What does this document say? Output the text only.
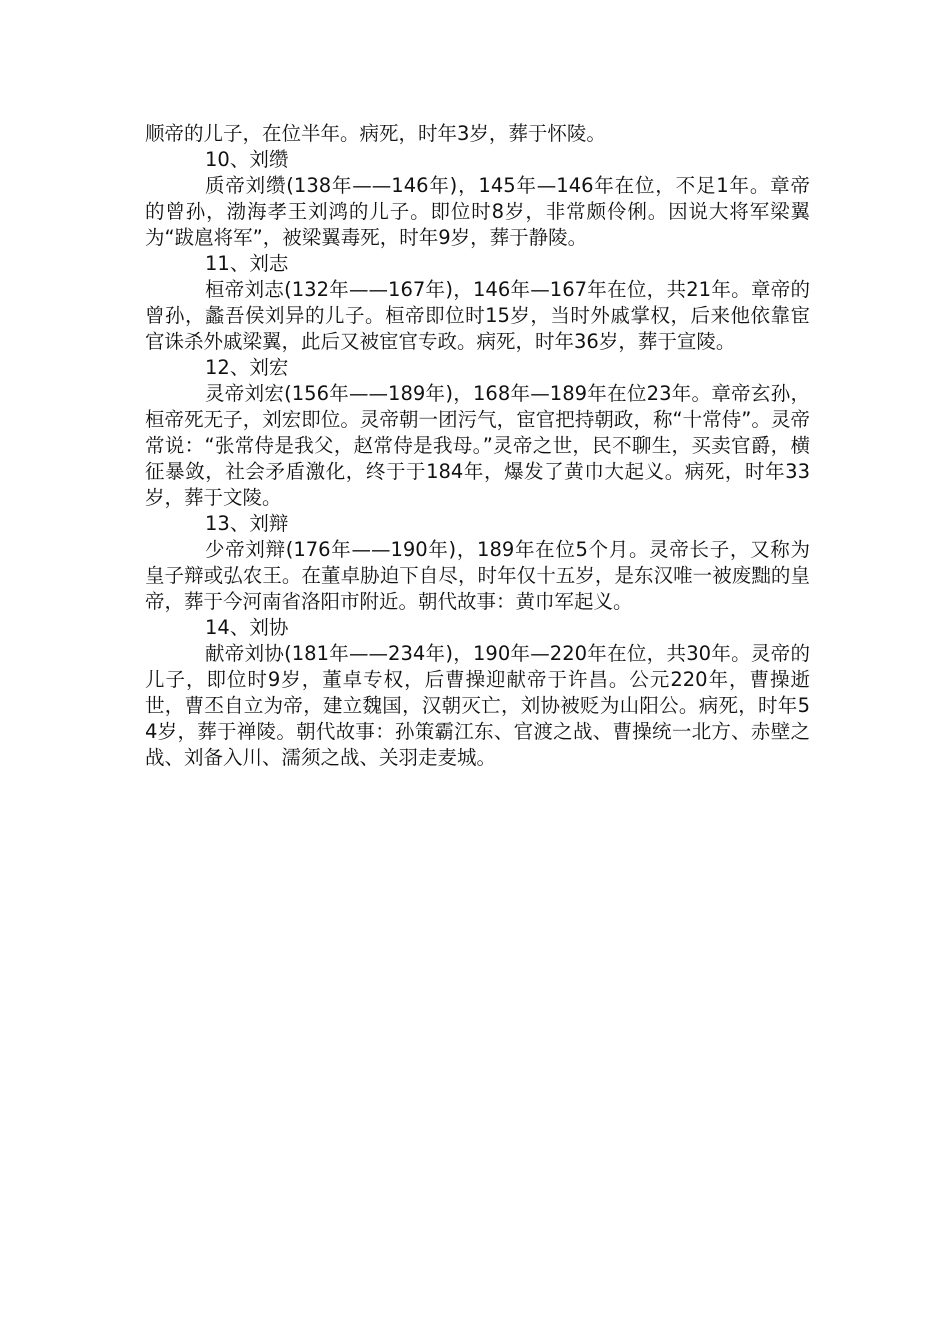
顺帝的儿子，在位半年。病死，时年3岁，葬于怀陵。

10、刘缵

质帝刘缵(138年——146年)，145年—146年在位，不足1年。章帝的曾孙，渤海孝王刘鸿的儿子。即位时8岁，非常颇伶俐。因说大将军梁翼为“跋扈将军”，被梁翼毒死，时年9岁，葬于静陵。

11、刘志

桓帝刘志(132年——167年)，146年—167年在位，共21年。章帝的曾孙，蠡吾侯刘异的儿子。桓帝即位时15岁，当时外戚掌权，后来他依靠宦官诛杀外戚梁翼，此后又被宦官专政。病死，时年36岁，葬于宣陵。

12、刘宏

灵帝刘宏(156年——189年)，168年—189年在位23年。章帝玄孙，桓帝死无子，刘宏即位。灵帝朝一团污气，宦官把持朝政，称“十常侍”。灵帝常说：“张常侍是我父，赵常侍是我母。”灵帝之世，民不聊生，买卖官爵，横征暴敛，社会矛盾激化，终于于184年，爆发了黄巾大起义。病死，时年33岁，葬于文陵。

13、刘辩

少帝刘辩(176年——190年)，189年在位5个月。灵帝长子，又称为皇子辩或弘农王。在董卓胁迫下自尽，时年仅十五岁，是东汉唯一被废黜的皇帝，葬于今河南省洛阳市附近。朝代故事：黄巾军起义。

14、刘协

献帝刘协(181年——234年)，190年—220年在位，共30年。灵帝的儿子，即位时9岁，董卓专权，后曹操迎献帝于许昌。公元220年，曹操逝世，曹丕自立为帝，建立魏国，汉朝灭亡，刘协被贬为山阳公。病死，时年54岁，葬于禅陵。朝代故事：孙策霸江东、官渡之战、曹操统一北方、赤壁之战、刘备入川、濡须之战、关羽走麦城。
